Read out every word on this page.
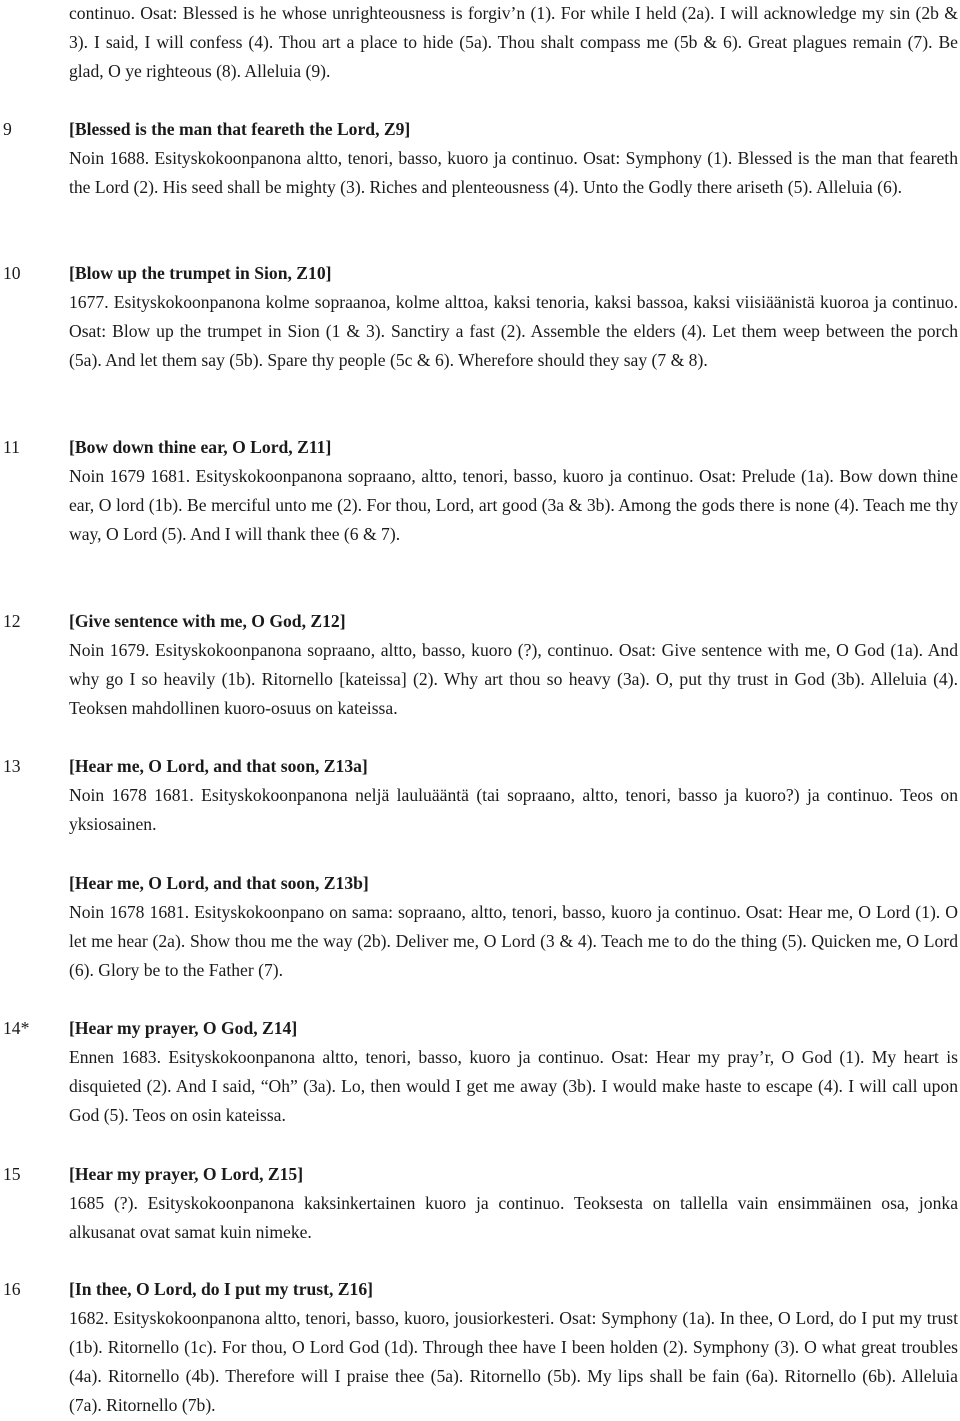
continuo. Osat: Blessed is he whose unrighteousness is forgiv’n (1). For while I held (2a). I will acknowledge my sin (2b & 3). I said, I will confess (4). Thou art a place to hide (5a). Thou shalt compass me (5b & 6). Great plagues remain (7). Be glad, O ye righteous (8). Alleluia (9).

9	[Blessed is the man that feareth the Lord, Z9]

Noin 1688. Esityskokoonpanona altto, tenori, basso, kuoro ja continuo. Osat: Symphony (1). Blessed is the man that feareth the Lord (2). His seed shall be mighty (3). Riches and plenteousness (4). Unto the Godly there ariseth (5). Alleluia (6).

10	[Blow up the trumpet in Sion, Z10]

1677. Esityskokoonpanona kolme sopraanoa, kolme alttoa, kaksi tenoria, kaksi bassoa, kaksi viisiäänistä kuoroa ja continuo. Osat: Blow up the trumpet in Sion (1 & 3). Sanctiry a fast (2). Assemble the elders (4). Let them weep between the porch (5a). And let them say (5b). Spare thy people (5c & 6). Wherefore should they say (7 & 8).

11	[Bow down thine ear, O Lord, Z11]

Noin 1679 1681. Esityskokoonpanona sopraano, altto, tenori, basso, kuoro ja continuo. Osat: Prelude (1a). Bow down thine ear, O lord (1b). Be merciful unto me (2). For thou, Lord, art good (3a & 3b). Among the gods there is none (4). Teach me thy way, O Lord (5). And I will thank thee (6 & 7).

12	[Give sentence with me, O God, Z12]

Noin 1679. Esityskokoonpanona sopraano, altto, basso, kuoro (?), continuo. Osat: Give sentence with me, O God (1a). And why go I so heavily (1b). Ritornello [kateissa] (2). Why art thou so heavy (3a). O, put thy trust in God (3b). Alleluia (4). Teoksen mahdollinen kuoro-osuus on kateissa.

13	[Hear me, O Lord, and that soon, Z13a]

Noin 1678 1681. Esityskokoonpanona neljä lauluääntä (tai sopraano, altto, tenori, basso ja kuoro?) ja continuo. Teos on yksiosainen.

[Hear me, O Lord, and that soon, Z13b]

Noin 1678 1681. Esityskokoonpano on sama: sopraano, altto, tenori, basso, kuoro ja continuo. Osat: Hear me, O Lord (1). O let me hear (2a). Show thou me the way (2b). Deliver me, O Lord (3 & 4). Teach me to do the thing (5). Quicken me, O Lord (6). Glory be to the Father (7).

14* [Hear my prayer, O God, Z14]

Ennen 1683. Esityskokoonpanona altto, tenori, basso, kuoro ja continuo. Osat: Hear my pray’r, O God (1). My heart is disquieted (2). And I said, “Oh” (3a). Lo, then would I get me away (3b). I would make haste to escape (4). I will call upon God (5). Teos on osin kateissa.

15	[Hear my prayer, O Lord, Z15]

1685 (?). Esityskokoonpanona kaksinkertainen kuoro ja continuo. Teoksesta on tallella vain ensimmäinen osa, jonka alkusanat ovat samat kuin nimeke.

16	[In thee, O Lord, do I put my trust, Z16]

1682. Esityskokoonpanona altto, tenori, basso, kuoro, jousiorkesteri. Osat: Symphony (1a). In thee, O Lord, do I put my trust (1b). Ritornello (1c). For thou, O Lord God (1d). Through thee have I been holden (2). Symphony (3). O what great troubles (4a). Ritornello (4b). Therefore will I praise thee (5a). Ritornello (5b). My lips shall be fain (6a). Ritornello (6b). Alleluia (7a). Ritornello (7b).
